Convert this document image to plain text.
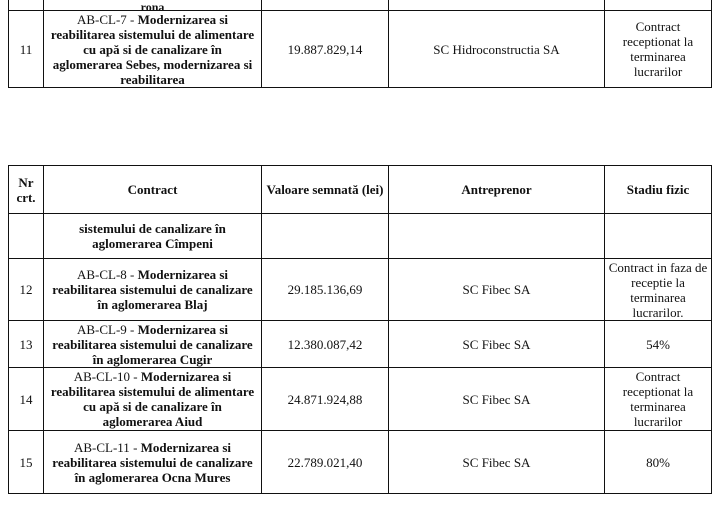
	rona			

11	AB-CL-7 - Modernizarea si reabilitarea sistemului de alimentare cu apă si de canalizare în aglomerarea Sebes, modernizarea si reabilitarea	19.887.829,14	SC Hidroconstructia SA	Contract receptionat la terminarea lucrarilor
Nr crt.	Contract	Valoare semnată (lei)	Antreprenor	Stadiu fizic
	sistemului de canalizare în aglomerarea Cîmpeni			
12	AB-CL-8 - Modernizarea si reabilitarea sistemului de canalizare în aglomerarea Blaj	29.185.136,69	SC Fibec SA	Contract in faza de receptie la terminarea lucrarilor.
13	AB-CL-9 - Modernizarea si reabilitarea sistemului de canalizare în aglomerarea Cugir	12.380.087,42	SC Fibec SA	54%
14	AB-CL-10 - Modernizarea si reabilitarea sistemului de alimentare cu apă si de canalizare în aglomerarea Aiud	24.871.924,88	SC Fibec SA	Contract receptionat la terminarea lucrarilor
15	AB-CL-11 - Modernizarea si reabilitarea sistemului de canalizare în aglomerarea Ocna Mures	22.789.021,40	SC Fibec SA	80%
